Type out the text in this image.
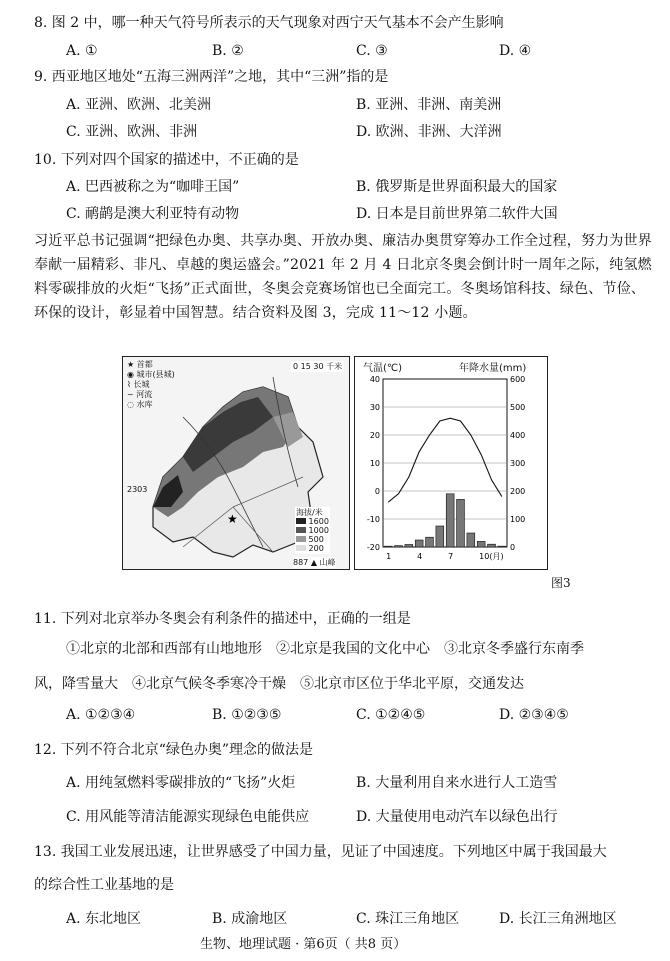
8. 图 2 中，哪一种天气符号所表示的天气现象对西宁天气基本不会产生影响
A. ①	B. ②	C. ③	D. ④
9. 西亚地区地处“五海三洲两洋”之地，其中“三洲”指的是
A. 亚洲、欧洲、北美洲	B. 亚洲、非洲、南美洲
C. 亚洲、欧洲、非洲	D. 欧洲、非洲、大洋洲
10. 下列对四个国家的描述中，不正确的是
A. 巴西被称之为“咖啡王国”	B. 俄罗斯是世界面积最大的国家
C. 鸸鹋是澳大利亚特有动物	D. 日本是目前世界第二软件大国
习近平总书记强调“把绿色办奥、共享办奥、开放办奥、廉洁办奥贯穿筹办工作全过程，努力为世界奉献一届精彩、非凡、卓越的奥运盛会。”2021 年 2 月 4 日北京冬奥会倒计时一周年之际，纯氢燃料零碳排放的火炬“飞扬”正式面世，冬奥会竞赛场馆也已全面完工。冬奥场馆科技、绿色、节俭、环保的设计，彰显着中国智慧。结合资料及图 3，完成 11～12 小题。
★
★ 首都
◉ 城市(县城)
⌇ 长城
~ 河流
◌ 水库
0 15 30 千米
2303
海拔/米
1600
1000
500
200
887 ▲ 山峰
40
30
20
10
0
-10
-20
600
500
400
300
200
100
0
1	4	7	10(月)
气温(℃)	年降水量(mm)
图3
11. 下列对北京举办冬奥会有利条件的描述中，正确的一组是
①北京的北部和西部有山地地形　②北京是我国的文化中心　③北京冬季盛行东南季
风，降雪量大　④北京气候冬季寒冷干燥　⑤北京市区位于华北平原，交通发达
A. ①②③④	B. ①②③⑤	C. ①②④⑤	D. ②③④⑤
12. 下列不符合北京“绿色办奥”理念的做法是
A. 用纯氢燃料零碳排放的“飞扬”火炬	B. 大量利用自来水进行人工造雪
C. 用风能等清洁能源实现绿色电能供应	D. 大量使用电动汽车以绿色出行
13. 我国工业发展迅速，让世界感受了中国力量，见证了中国速度。下列地区中属于我国最大
的综合性工业基地的是
A. 东北地区	B. 成渝地区	C. 珠江三角地区	D. 长江三角洲地区
生物、地理试题 · 第6页（ 共8 页）
